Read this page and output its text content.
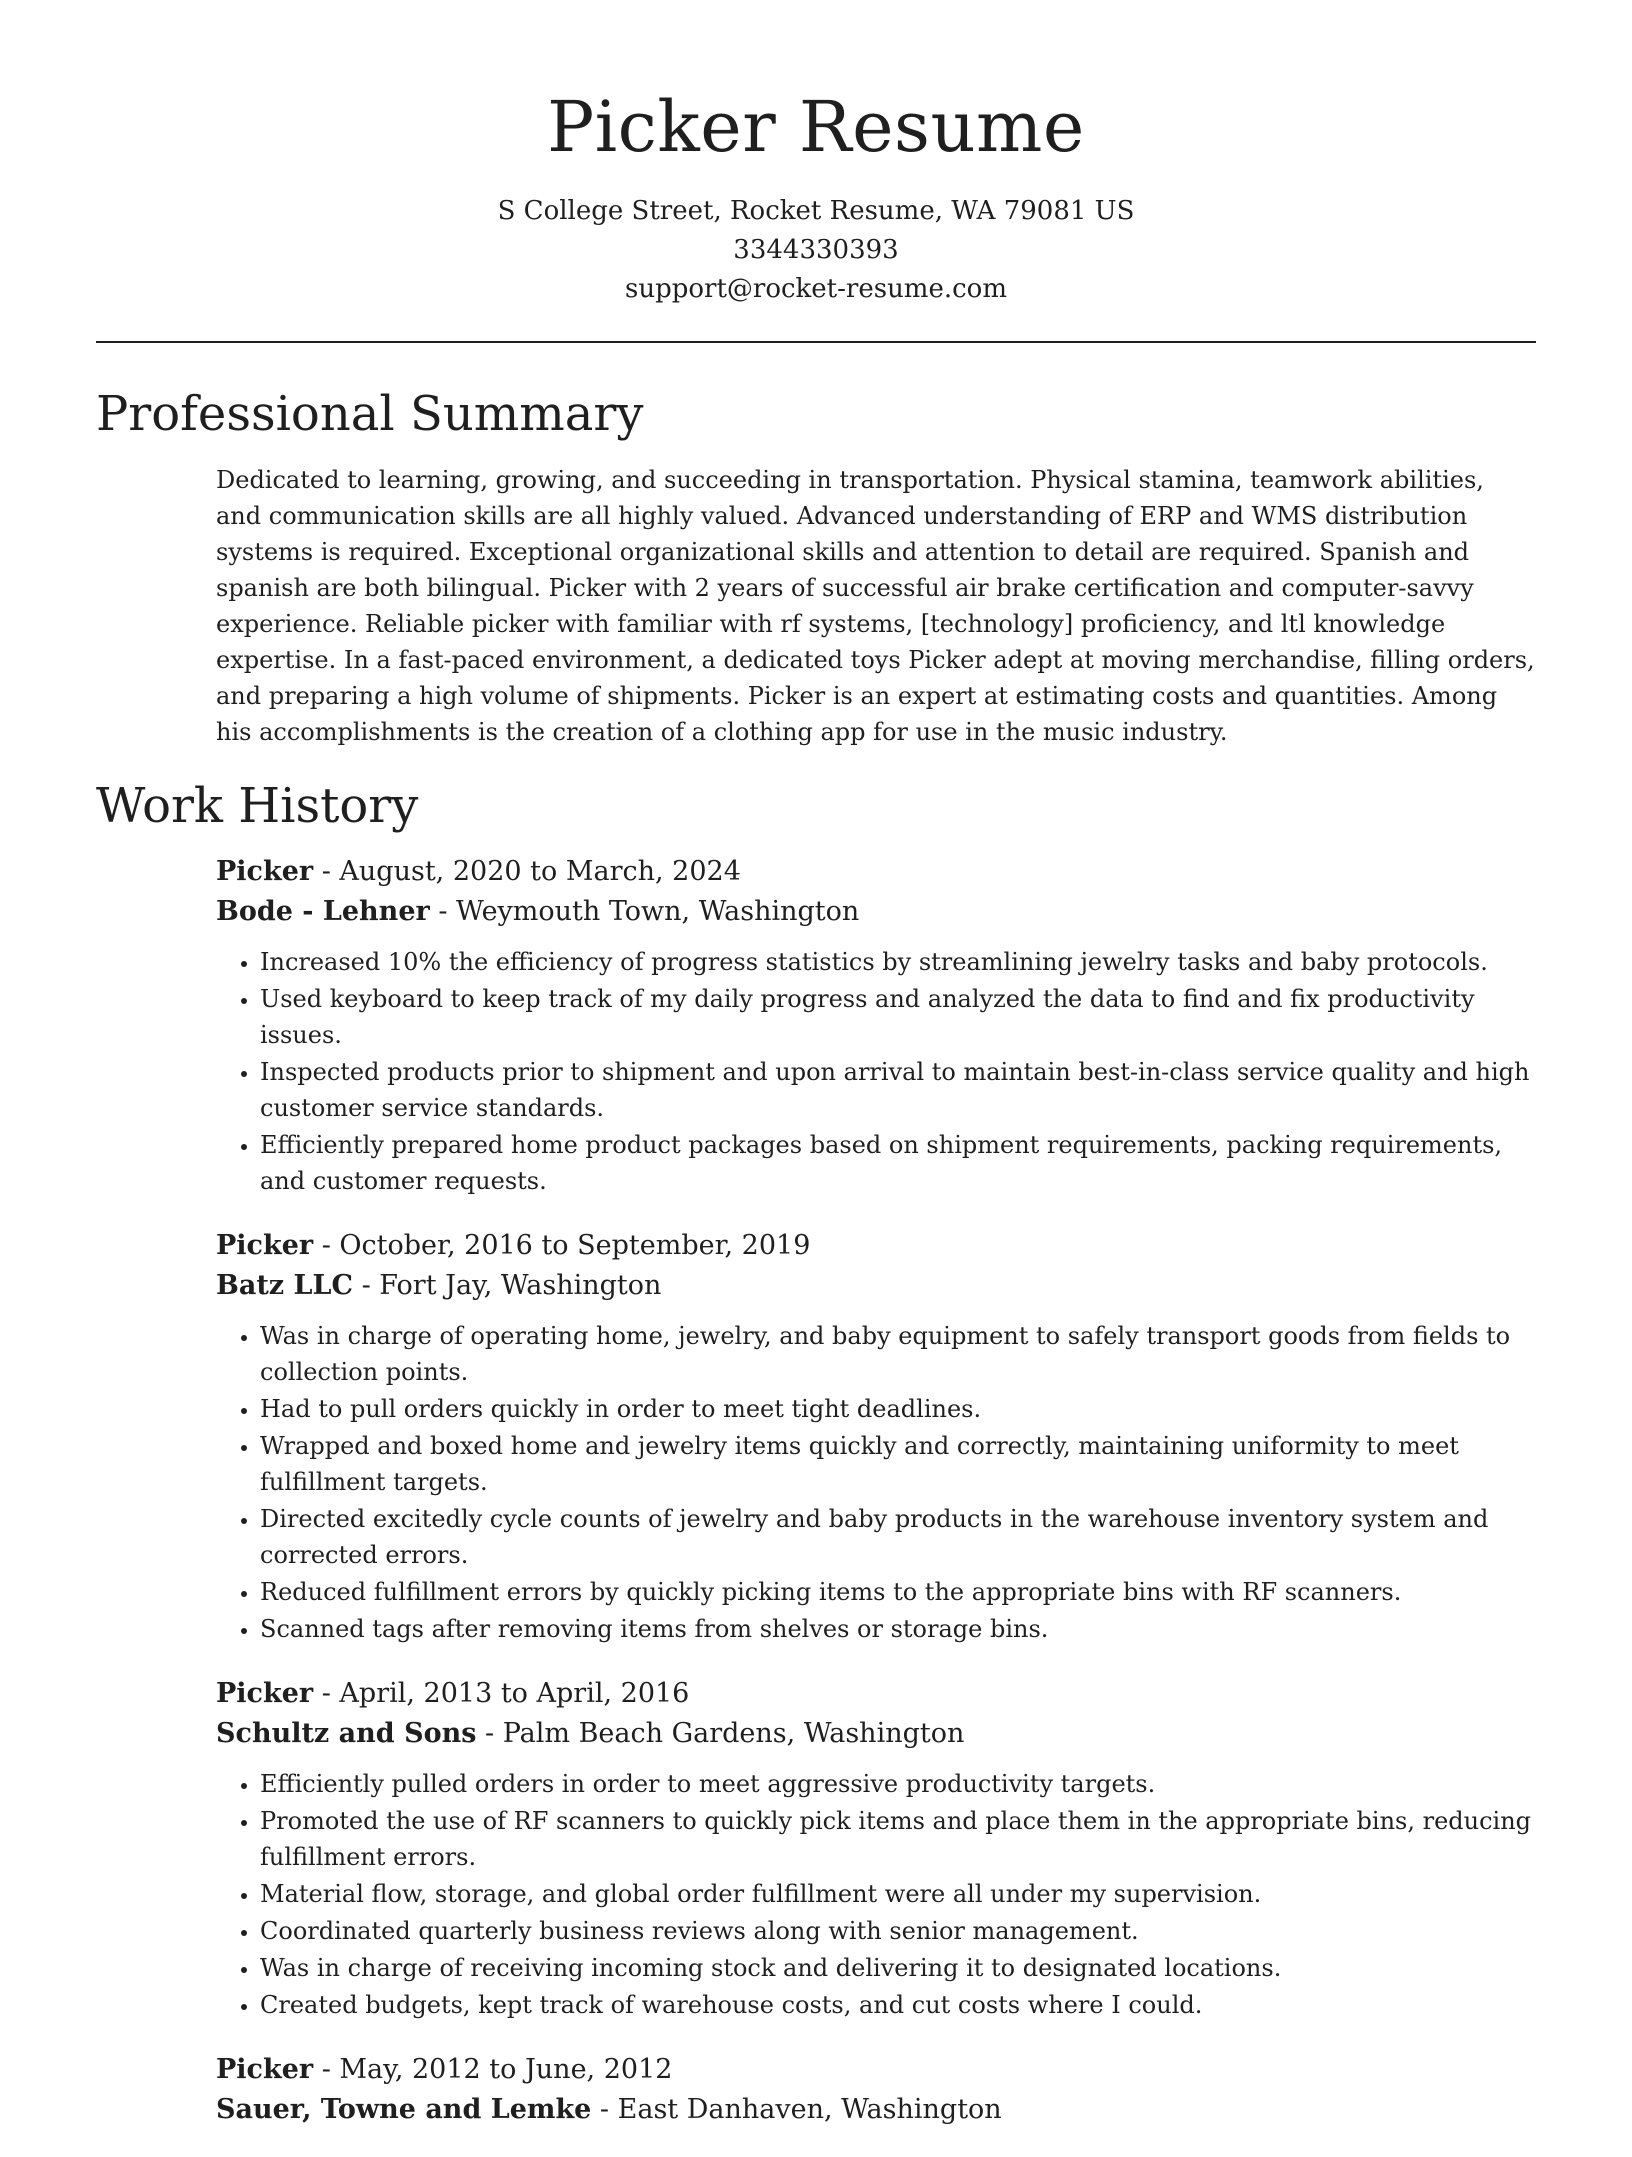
Picker Resume
S College Street, Rocket Resume, WA 79081 US
3344330393
support@rocket-resume.com
Professional Summary

Dedicated to learning, growing, and succeeding in transportation. Physical stamina, teamwork abilities, and communication skills are all highly valued. Advanced understanding of ERP and WMS distribution systems is required. Exceptional organizational skills and attention to detail are required. Spanish and spanish are both bilingual. Picker with 2 years of successful air brake certification and computer-savvy experience. Reliable picker with familiar with rf systems, [technology] proficiency, and ltl knowledge expertise. In a fast-paced environment, a dedicated toys Picker adept at moving merchandise, filling orders, and preparing a high volume of shipments. Picker is an expert at estimating costs and quantities. Among his accomplishments is the creation of a clothing app for use in the music industry.

Work History

Picker - August, 2020 to March, 2024

Bode - Lehner - Weymouth Town, Washington

• Increased 10% the efficiency of progress statistics by streamlining jewelry tasks and baby protocols.
• Used keyboard to keep track of my daily progress and analyzed the data to find and fix productivity issues.
• Inspected products prior to shipment and upon arrival to maintain best-in-class service quality and high customer service standards.
• Efficiently prepared home product packages based on shipment requirements, packing requirements, and customer requests.

Picker - October, 2016 to September, 2019

Batz LLC - Fort Jay, Washington

• Was in charge of operating home, jewelry, and baby equipment to safely transport goods from fields to collection points.
• Had to pull orders quickly in order to meet tight deadlines.
• Wrapped and boxed home and jewelry items quickly and correctly, maintaining uniformity to meet fulfillment targets.
• Directed excitedly cycle counts of jewelry and baby products in the warehouse inventory system and corrected errors.
• Reduced fulfillment errors by quickly picking items to the appropriate bins with RF scanners.
• Scanned tags after removing items from shelves or storage bins.

Picker - April, 2013 to April, 2016

Schultz and Sons - Palm Beach Gardens, Washington

• Efficiently pulled orders in order to meet aggressive productivity targets.
• Promoted the use of RF scanners to quickly pick items and place them in the appropriate bins, reducing fulfillment errors.
• Material flow, storage, and global order fulfillment were all under my supervision.
• Coordinated quarterly business reviews along with senior management.
• Was in charge of receiving incoming stock and delivering it to designated locations.
• Created budgets, kept track of warehouse costs, and cut costs where I could.

Picker - May, 2012 to June, 2012

Sauer, Towne and Lemke - East Danhaven, Washington
